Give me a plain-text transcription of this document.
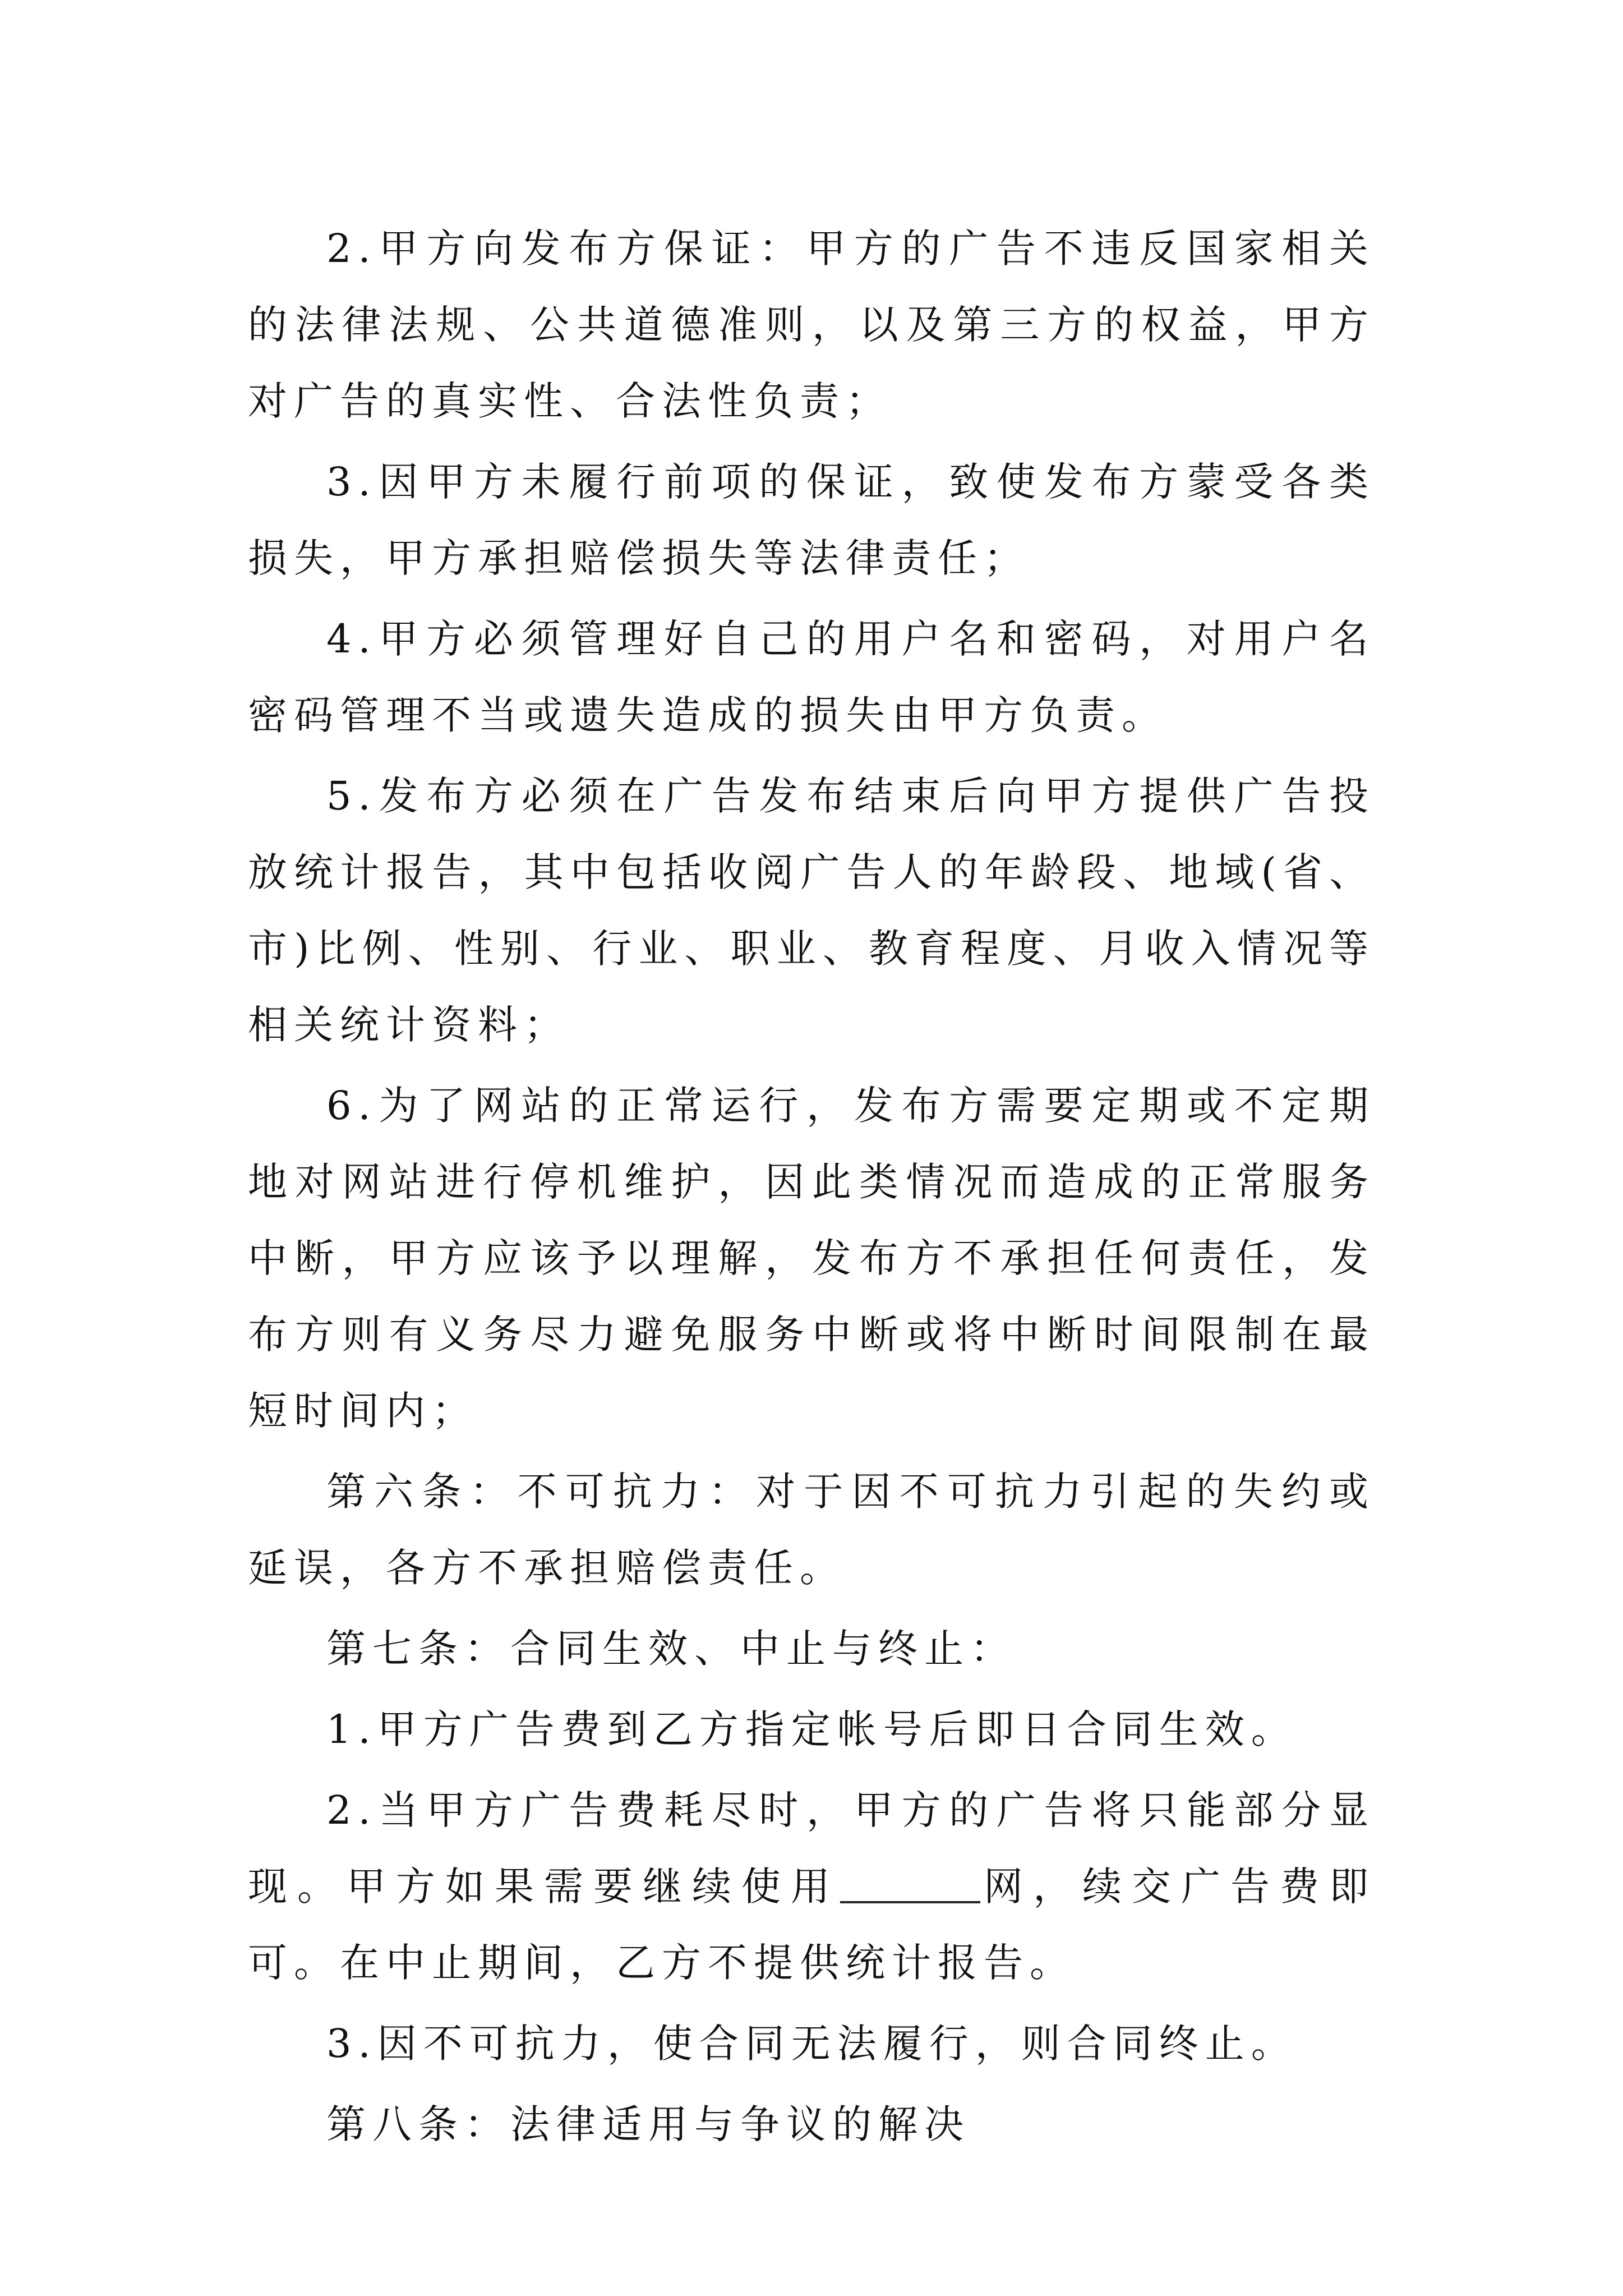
2.甲方向发布方保证：甲方的广告不违反国家相关的法律法规、公共道德准则，以及第三方的权益，甲方对广告的真实性、合法性负责；

3.因甲方未履行前项的保证，致使发布方蒙受各类损失，甲方承担赔偿损失等法律责任；

4.甲方必须管理好自己的用户名和密码，对用户名密码管理不当或遗失造成的损失由甲方负责。

5.发布方必须在广告发布结束后向甲方提供广告投放统计报告，其中包括收阅广告人的年龄段、地域(省、市)比例、性别、行业、职业、教育程度、月收入情况等相关统计资料；

6.为了网站的正常运行，发布方需要定期或不定期地对网站进行停机维护，因此类情况而造成的正常服务中断，甲方应该予以理解，发布方不承担任何责任，发布方则有义务尽力避免服务中断或将中断时间限制在最短时间内；

第六条：不可抗力：对于因不可抗力引起的失约或延误，各方不承担赔偿责任。

第七条：合同生效、中止与终止：

1.甲方广告费到乙方指定帐号后即日合同生效。

2.当甲方广告费耗尽时，甲方的广告将只能部分显现。甲方如果需要继续使用	网，续交广告费即可。在中止期间，乙方不提供统计报告。

3.因不可抗力，使合同无法履行，则合同终止。

第八条：法律适用与争议的解决
